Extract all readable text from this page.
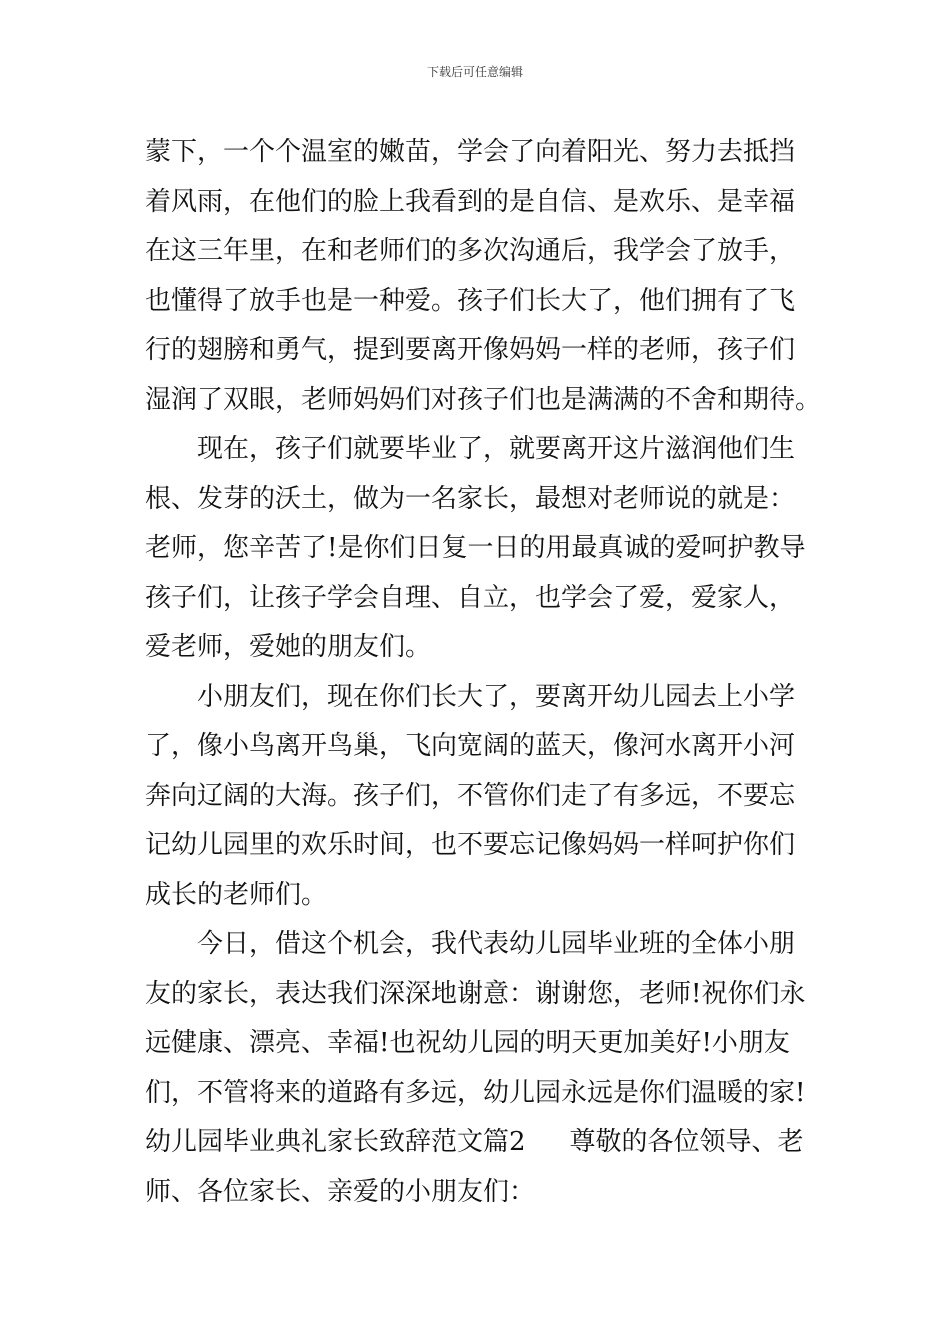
下载后可任意编辑
蒙下，一个个温室的嫩苗，学会了向着阳光、努力去抵挡
着风雨，在他们的脸上我看到的是自信、是欢乐、是幸福
在这三年里，在和老师们的多次沟通后，我学会了放手，
也懂得了放手也是一种爱。孩子们长大了，他们拥有了飞
行的翅膀和勇气，提到要离开像妈妈一样的老师，孩子们
湿润了双眼，老师妈妈们对孩子们也是满满的不舍和期待。
现在，孩子们就要毕业了，就要离开这片滋润他们生
根、发芽的沃土，做为一名家长，最想对老师说的就是：
老师，您辛苦了!是你们日复一日的用最真诚的爱呵护教导
孩子们，让孩子学会自理、自立，也学会了爱，爱家人，
爱老师，爱她的朋友们。
小朋友们，现在你们长大了，要离开幼儿园去上小学
了，像小鸟离开鸟巢，飞向宽阔的蓝天，像河水离开小河
奔向辽阔的大海。孩子们，不管你们走了有多远，不要忘
记幼儿园里的欢乐时间，也不要忘记像妈妈一样呵护你们
成长的老师们。
今日，借这个机会，我代表幼儿园毕业班的全体小朋
友的家长，表达我们深深地谢意：谢谢您，老师!祝你们永
远健康、漂亮、幸福!也祝幼儿园的明天更加美好!小朋友
们，不管将来的道路有多远，幼儿园永远是你们温暖的家!
幼儿园毕业典礼家长致辞范文篇2 尊敬的各位领导、老
师、各位家长、亲爱的小朋友们：
